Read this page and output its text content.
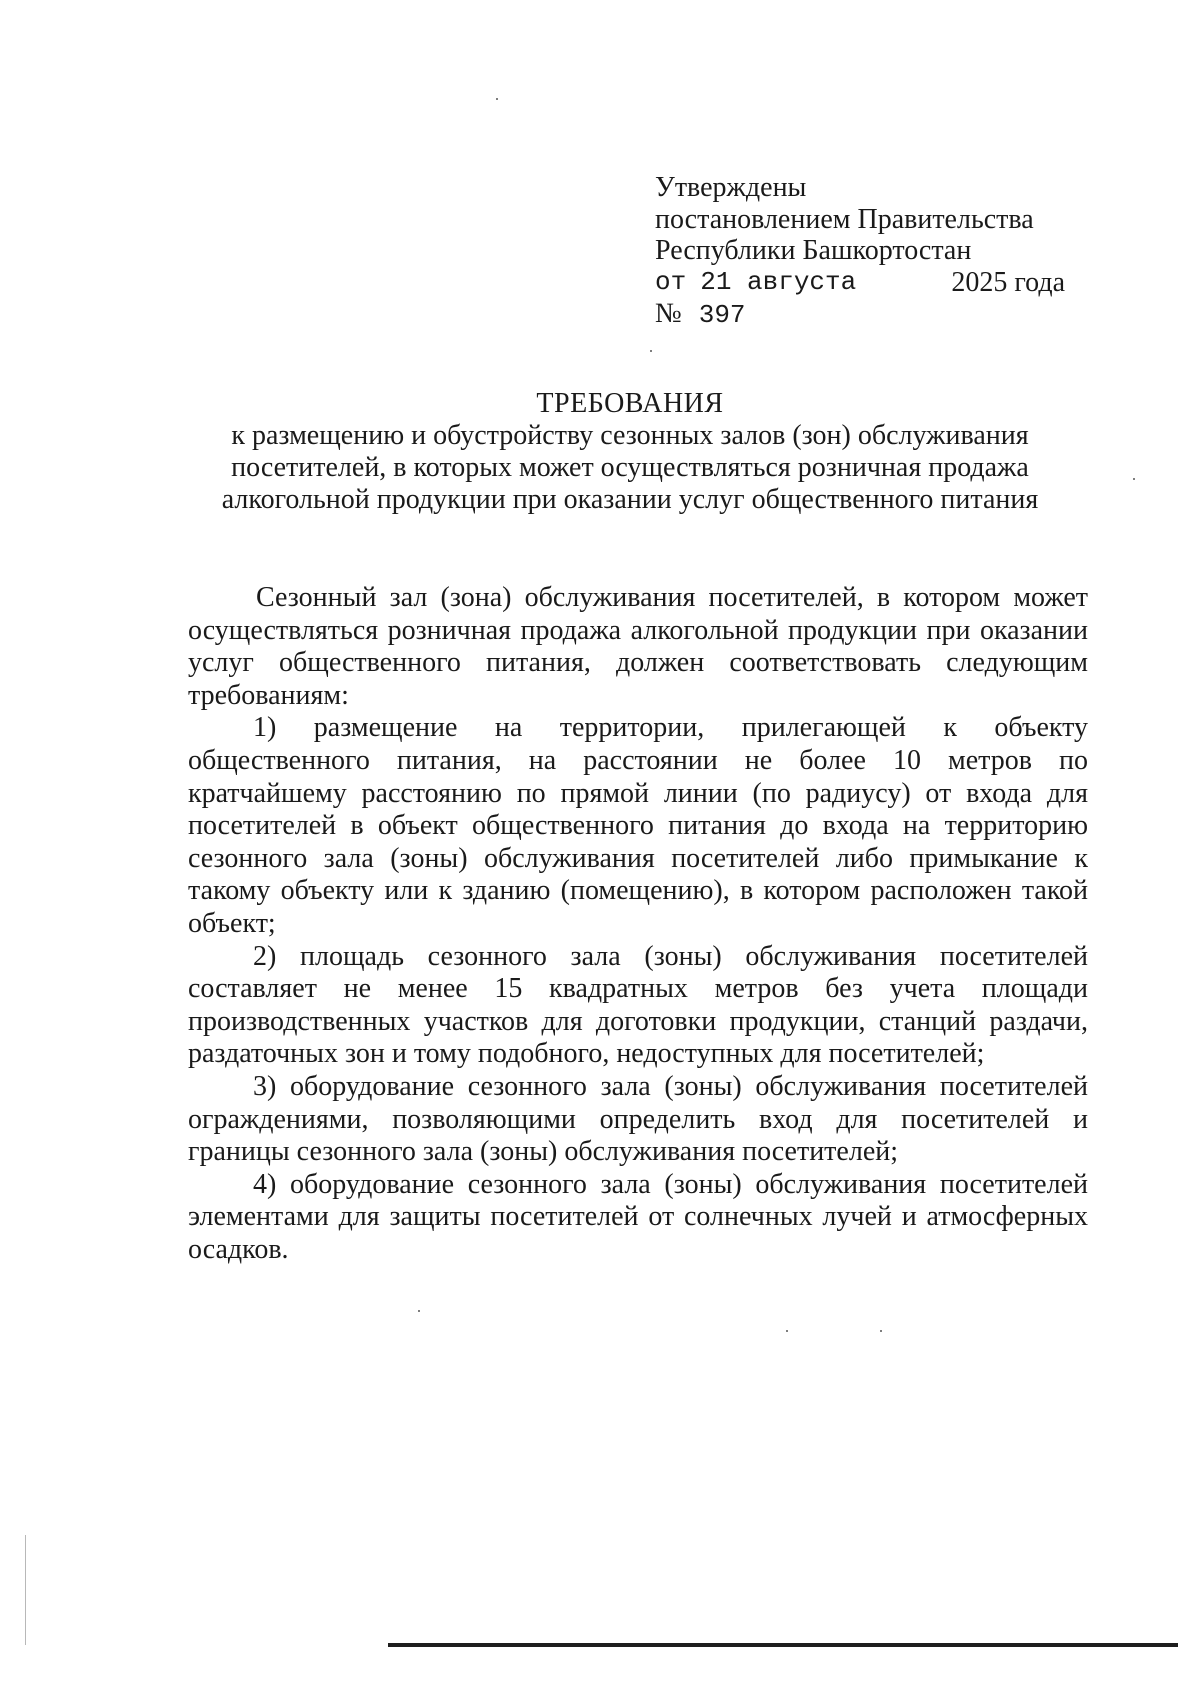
Утверждены
постановлением Правительства
Республики Башкортостан
от 21 августа	2025 года
№ 397
ТРЕБОВАНИЯ
к размещению и обустройству сезонных залов (зон) обслуживания
посетителей, в которых может осуществляться розничная продажа
алкогольной продукции при оказании услуг общественного питания

Сезонный зал (зона) обслуживания посетителей, в котором может осуществляться розничная продажа алкогольной продукции при оказании услуг общественного питания, должен соответствовать следующим требованиям:

1) размещение на территории, прилегающей к объекту общественного питания, на расстоянии не более 10 метров по кратчайшему расстоянию по прямой линии (по радиусу) от входа для посетителей в объект общественного питания до входа на территорию сезонного зала (зоны) обслуживания посетителей либо примыкание к такому объекту или к зданию (помещению), в котором расположен такой объект;

2) площадь сезонного зала (зоны) обслуживания посетителей составляет не менее 15 квадратных метров без учета площади производственных участков для доготовки продукции, станций раздачи, раздаточных зон и тому подобного, недоступных для посетителей;

3) оборудование сезонного зала (зоны) обслуживания посетителей ограждениями, позволяющими определить вход для посетителей и границы сезонного зала (зоны) обслуживания посетителей;

4) оборудование сезонного зала (зоны) обслуживания посетителей элементами для защиты посетителей от солнечных лучей и атмосферных осадков.
